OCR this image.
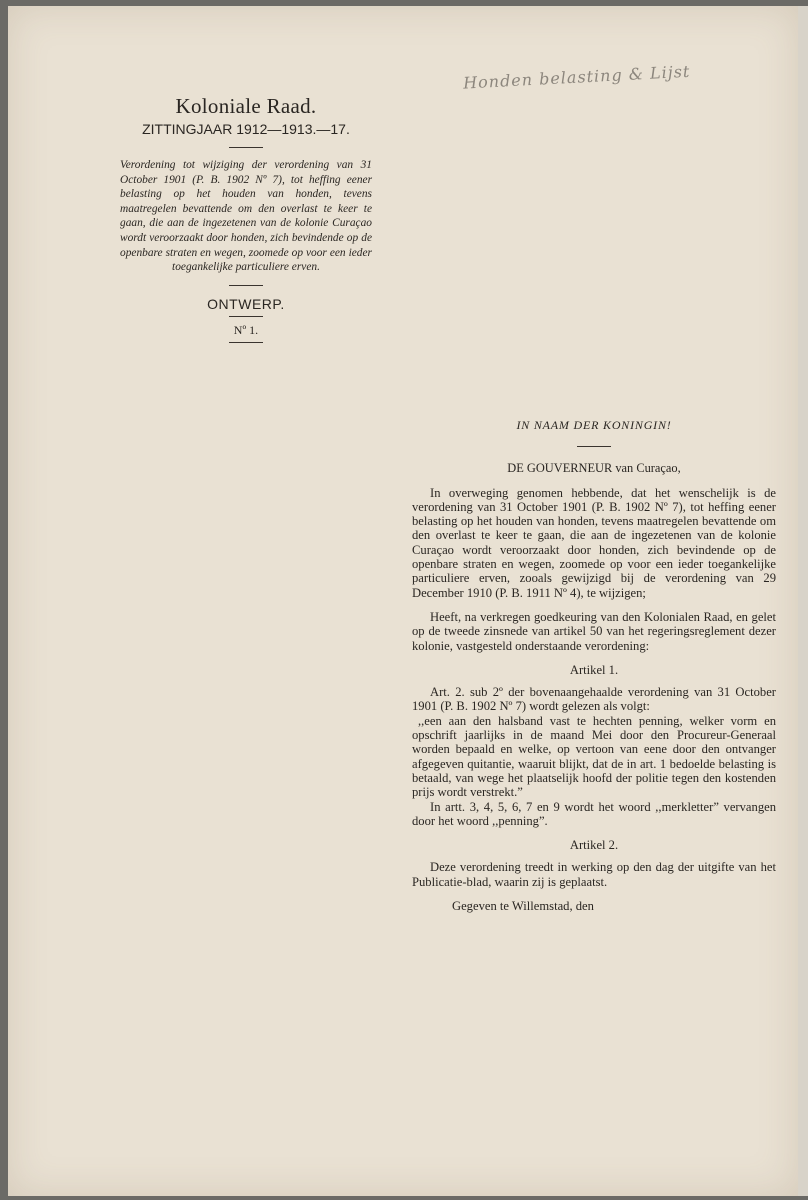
Honden belasting & Lijst

Koloniale Raad.

ZITTINGJAAR 1912—1913.—17.

Verordening tot wijziging der verordening van 31 October 1901 (P. B. 1902 Nº 7), tot heffing eener belasting op het houden van honden, tevens maatregelen bevattende om den overlast te keer te gaan, die aan de ingezetenen van de kolonie Curaçao wordt veroorzaakt door honden, zich bevindende op de openbare straten en wegen, zoomede op voor een ieder toegankelijke particuliere erven.

ONTWERP.

Nº 1.

IN NAAM DER KONINGIN!

DE GOUVERNEUR van Curaçao,

In overweging genomen hebbende, dat het wenschelijk is de verordening van 31 October 1901 (P. B. 1902 Nº 7), tot heffing eener belasting op het houden van honden, tevens maatregelen bevattende om den overlast te keer te gaan, die aan de ingezetenen van de kolonie Curaçao wordt veroorzaakt door honden, zich bevindende op de openbare straten en wegen, zoomede op voor een ieder toegankelijke particuliere erven, zooals gewijzigd bij de verordening van 29 December 1910 (P. B. 1911 Nº 4), te wijzigen;

Heeft, na verkregen goedkeuring van den Kolonialen Raad, en gelet op de tweede zinsnede van artikel 50 van het regeringsreglement dezer kolonie, vastgesteld onderstaande verordening:

Artikel 1.

Art. 2. sub 2º der bovenaangehaalde verordening van 31 October 1901 (P. B. 1902 Nº 7) wordt gelezen als volgt:

,,een aan den halsband vast te hechten penning, welker vorm en opschrift jaarlijks in de maand Mei door den Procureur-Generaal worden bepaald en welke, op vertoon van eene door den ontvanger afgegeven quitantie, waaruit blijkt, dat de in art. 1 bedoelde belasting is betaald, van wege het plaatselijk hoofd der politie tegen den kostenden prijs wordt verstrekt.”

In artt. 3, 4, 5, 6, 7 en 9 wordt het woord ,,merkletter” vervangen door het woord ,,penning”.

Artikel 2.

Deze verordening treedt in werking op den dag der uitgifte van het Publicatie-blad, waarin zij is geplaatst.

Gegeven te Willemstad, den
